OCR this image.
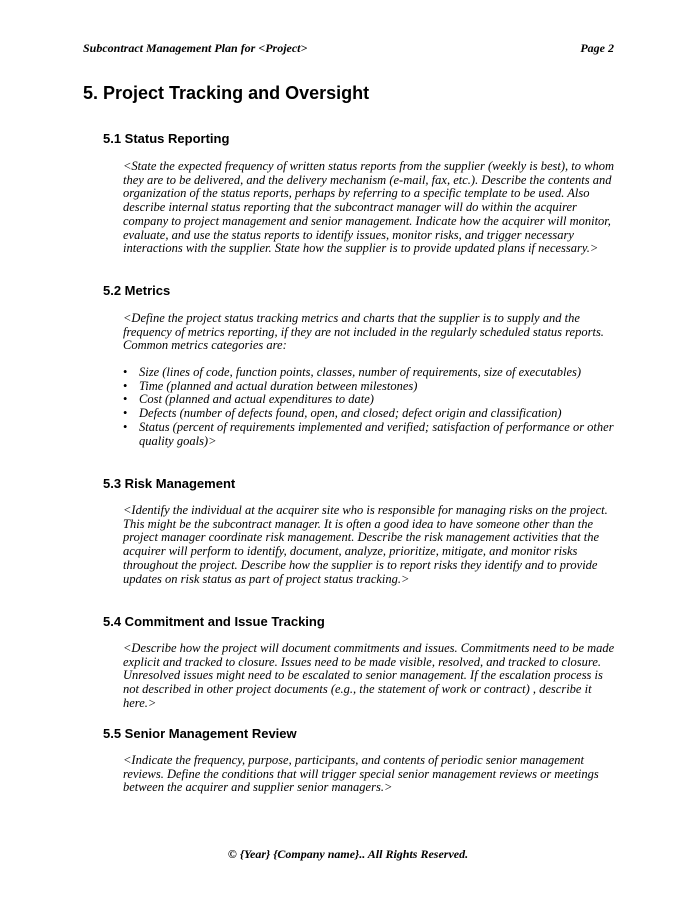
Subcontract Management Plan for <Project>	Page 2
5. Project Tracking and Oversight
5.1 Status Reporting

<State the expected frequency of written status reports from the supplier (weekly is best), to whom they are to be delivered, and the delivery mechanism (e-mail, fax, etc.). Describe the contents and organization of the status reports, perhaps by referring to a specific template to be used. Also describe internal status reporting that the subcontract manager will do within the acquirer company to project management and senior management. Indicate how the acquirer will monitor, evaluate, and use the status reports to identify issues, monitor risks, and trigger necessary interactions with the supplier. State how the supplier is to provide updated plans if necessary.>

5.2 Metrics

<Define the project status tracking metrics and charts that the supplier is to supply and the frequency of metrics reporting, if they are not included in the regularly scheduled status reports. Common metrics categories are:

• Size (lines of code, function points, classes, number of requirements, size of executables)
• Time (planned and actual duration between milestones)
• Cost (planned and actual expenditures to date)
• Defects (number of defects found, open, and closed; defect origin and classification)
• Status (percent of requirements implemented and verified; satisfaction of performance or other quality goals)>
5.3 Risk Management

<Identify the individual at the acquirer site who is responsible for managing risks on the project. This might be the subcontract manager. It is often a good idea to have someone other than the project manager coordinate risk management. Describe the risk management activities that the acquirer will perform to identify, document, analyze, prioritize, mitigate, and monitor risks throughout the project. Describe how the supplier is to report risks they identify and to provide updates on risk status as part of project status tracking.>

5.4 Commitment and Issue Tracking

<Describe how the project will document commitments and issues. Commitments need to be made explicit and tracked to closure. Issues need to be made visible, resolved, and tracked to closure. Unresolved issues might need to be escalated to senior management. If the escalation process is not described in other project documents (e.g., the statement of work or contract) , describe it here.>

5.5 Senior Management Review

<Indicate the frequency, purpose, participants, and contents of periodic senior management reviews. Define the conditions that will trigger special senior management reviews or meetings between the acquirer and supplier senior managers.>

© {Year} {Company name}.. All Rights Reserved.
